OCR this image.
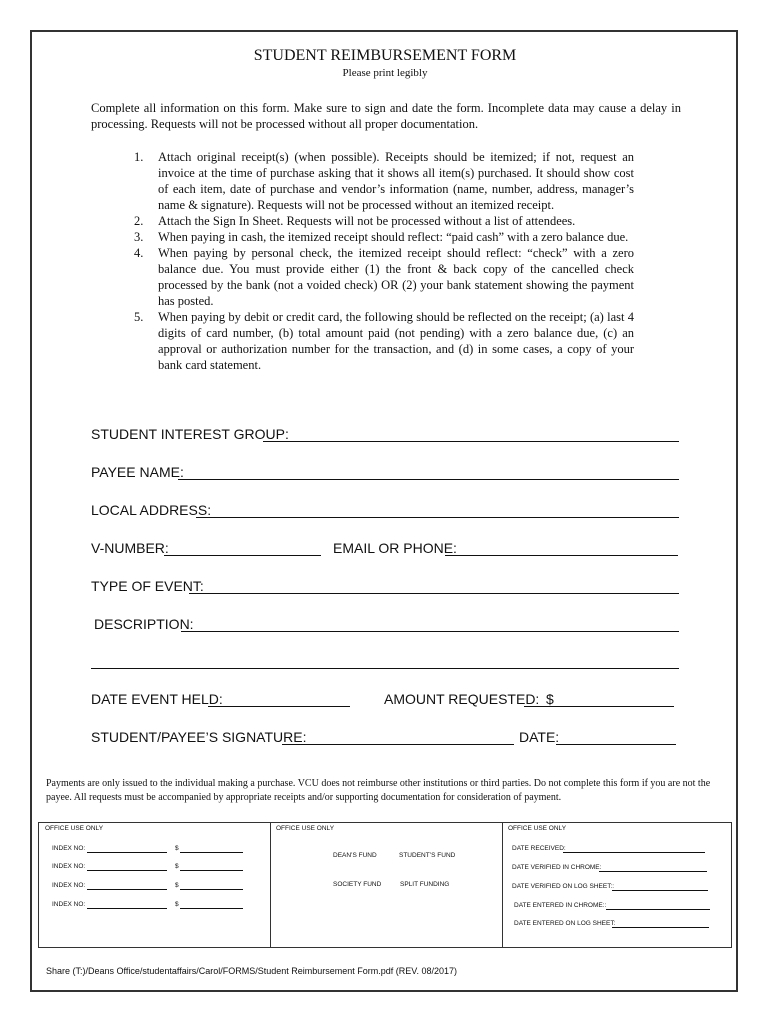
STUDENT REIMBURSEMENT FORM
Please print legibly
Complete all information on this form. Make sure to sign and date the form. Incomplete data may cause a delay in processing. Requests will not be processed without all proper documentation.
1.	Attach original receipt(s) (when possible). Receipts should be itemized; if not, request an invoice at the time of purchase asking that it shows all item(s) purchased. It should show cost of each item, date of purchase and vendor’s information (name, number, address, manager’s name & signature). Requests will not be processed without an itemized receipt.
2.	Attach the Sign In Sheet. Requests will not be processed without a list of attendees.
3.	When paying in cash, the itemized receipt should reflect: “paid cash” with a zero balance due.
4.	When paying by personal check, the itemized receipt should reflect: “check” with a zero balance due. You must provide either (1) the front & back copy of the cancelled check processed by the bank (not a voided check) OR (2) your bank statement showing the payment has posted.
5.	When paying by debit or credit card, the following should be reflected on the receipt; (a) last 4 digits of card number, (b) total amount paid (not pending) with a zero balance due, (c) an approval or authorization number for the transaction, and (d) in some cases, a copy of your bank card statement.
STUDENT INTEREST GROUP:
PAYEE NAME:
LOCAL ADDRESS:
V-NUMBER:	EMAIL OR PHONE:
TYPE OF EVENT:
DESCRIPTION:
DATE EVENT HELD:	AMOUNT REQUESTED: $
STUDENT/PAYEE’S SIGNATURE:	DATE:
Payments are only issued to the individual making a purchase. VCU does not reimburse other institutions or third parties. Do not complete this form if you are not the payee. All requests must be accompanied by appropriate receipts and/or supporting documentation for consideration of payment.
OFFICE USE ONLY
INDEX NO:	$
INDEX NO:	$
INDEX NO:	$
INDEX NO:	$
OFFICE USE ONLY
DEAN’S FUND	STUDENT’S FUND
SOCIETY FUND	SPLIT FUNDING
OFFICE USE ONLY
DATE RECEIVED:
DATE VERIFIED IN CHROME:
DATE VERIFIED ON LOG SHEET::
DATE ENTERED IN CHROME::
DATE ENTERED ON LOG SHEET:
Share (T:)/Deans Office/studentaffairs/Carol/FORMS/Student Reimbursement Form.pdf (REV. 08/2017)
